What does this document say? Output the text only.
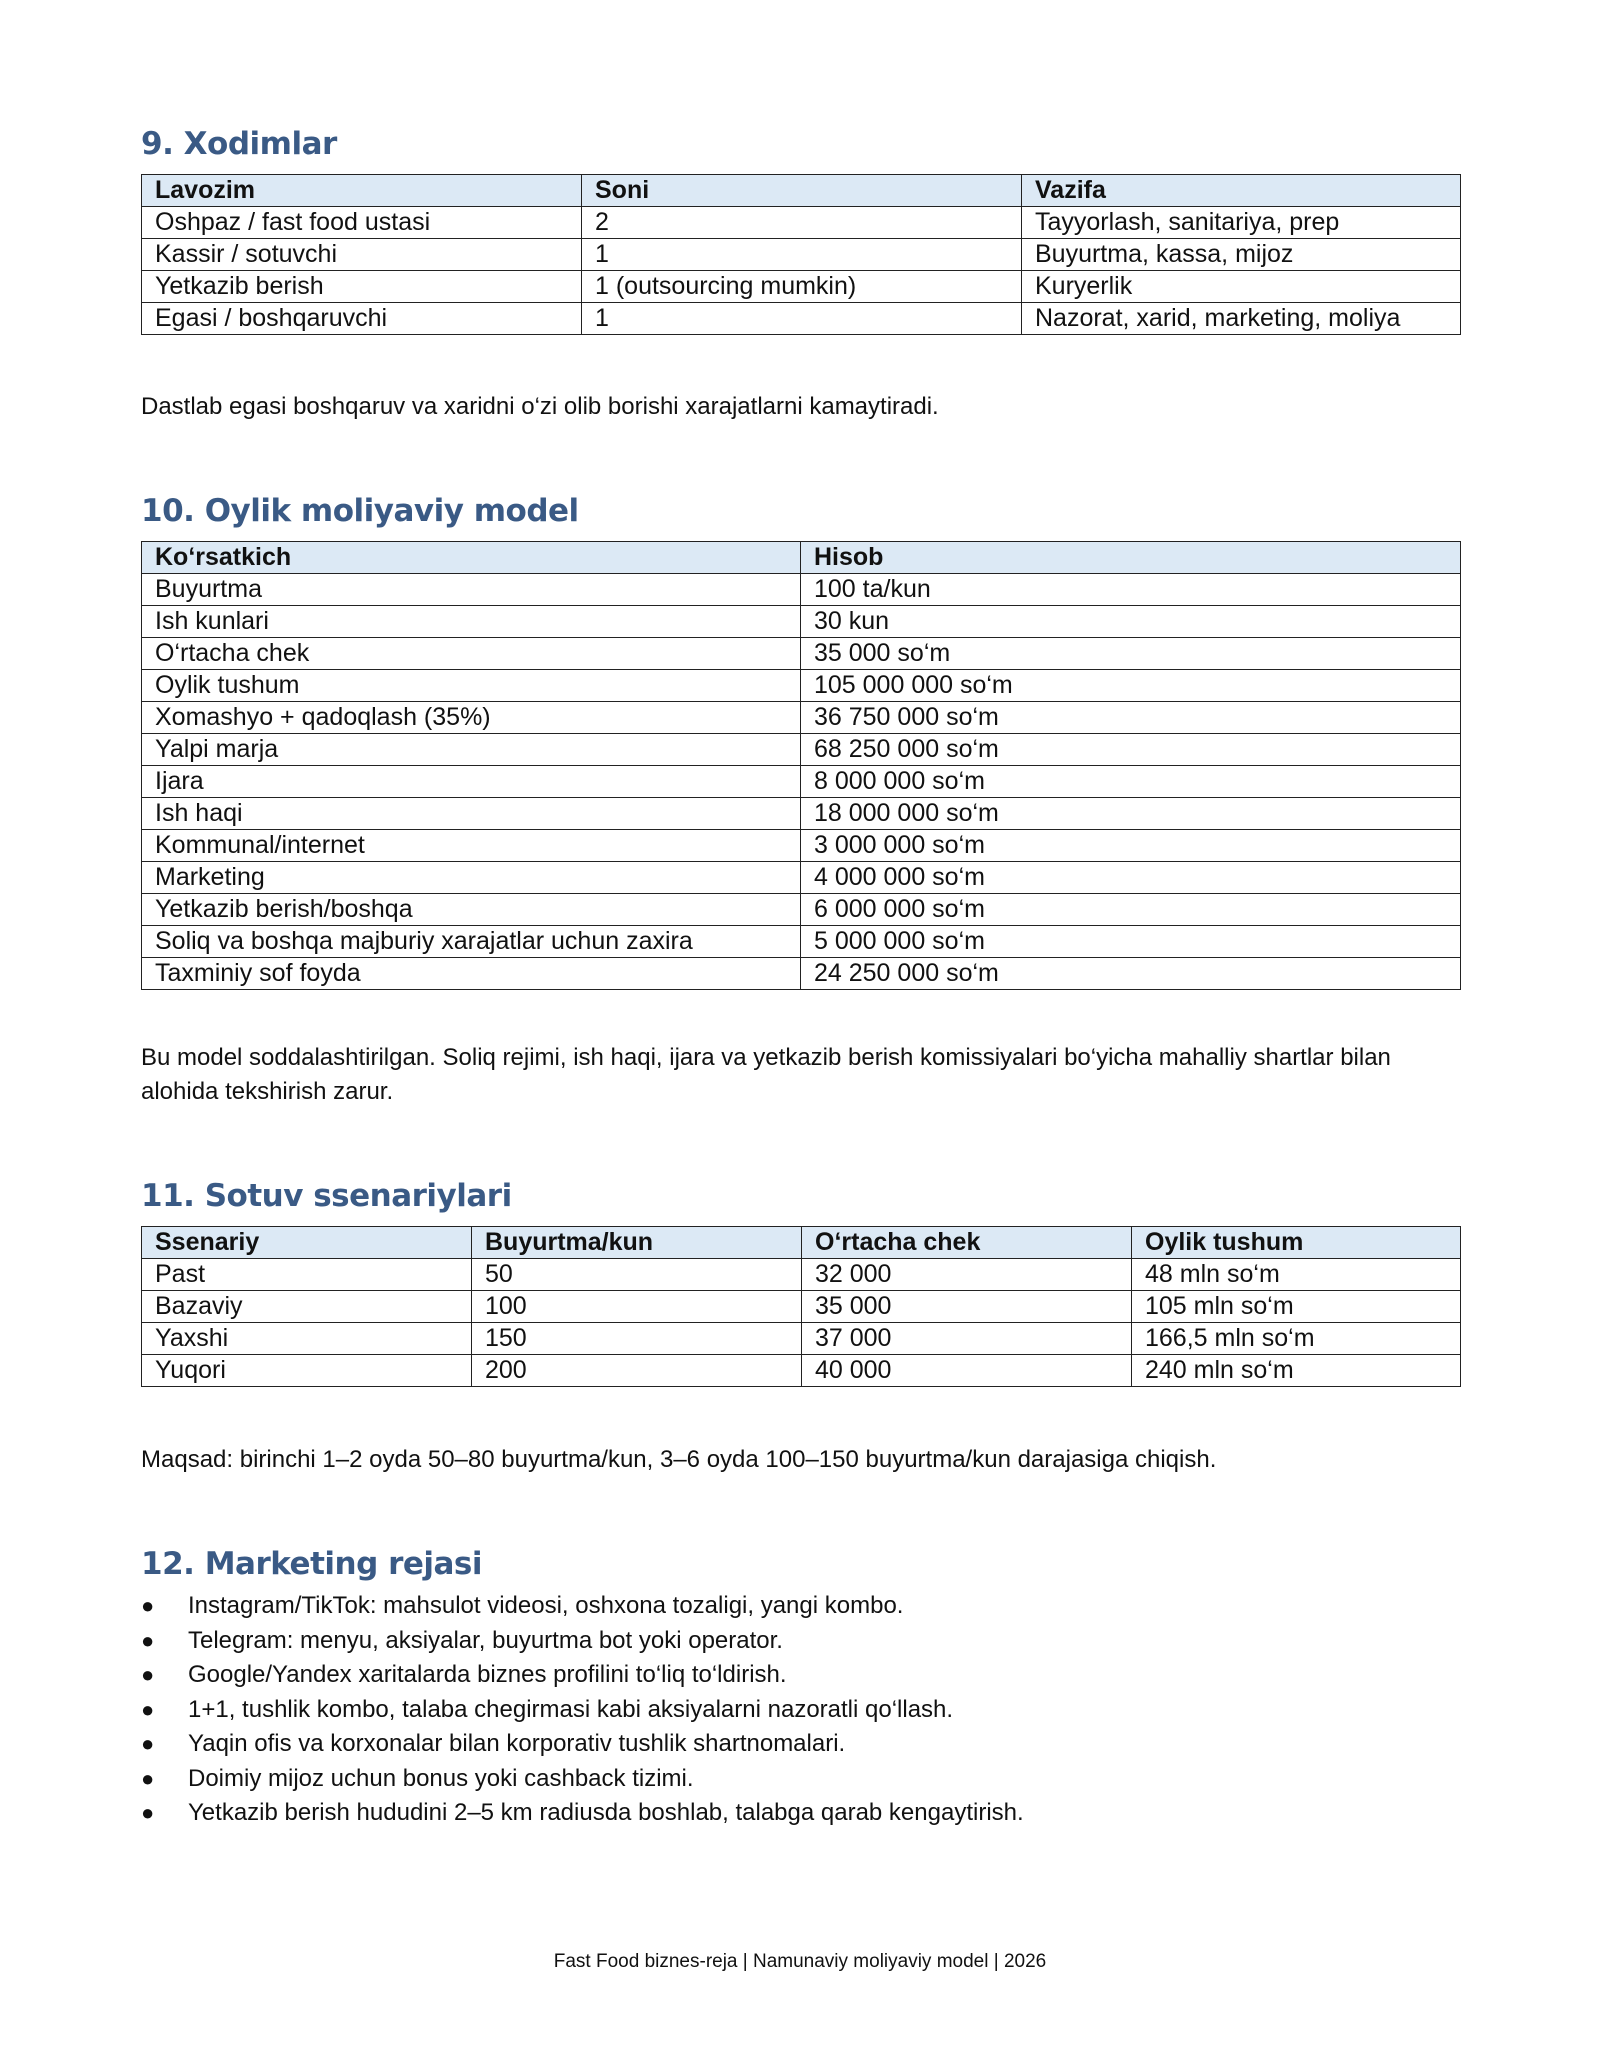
9. Xodimlar
Lavozim	Soni	Vazifa
Oshpaz / fast food ustasi	2	Tayyorlash, sanitariya, prep
Kassir / sotuvchi	1	Buyurtma, kassa, mijoz
Yetkazib berish	1 (outsourcing mumkin)	Kuryerlik
Egasi / boshqaruvchi	1	Nazorat, xarid, marketing, moliya

Dastlab egasi boshqaruv va xaridni o‘zi olib borishi xarajatlarni kamaytiradi.

10. Oylik moliyaviy model
Ko‘rsatkich	Hisob
Buyurtma	100 ta/kun
Ish kunlari	30 kun
O‘rtacha chek	35 000 so‘m
Oylik tushum	105 000 000 so‘m
Xomashyo + qadoqlash (35%)	36 750 000 so‘m
Yalpi marja	68 250 000 so‘m
Ijara	8 000 000 so‘m
Ish haqi	18 000 000 so‘m
Kommunal/internet	3 000 000 so‘m
Marketing	4 000 000 so‘m
Yetkazib berish/boshqa	6 000 000 so‘m
Soliq va boshqa majburiy xarajatlar uchun zaxira	5 000 000 so‘m
Taxminiy sof foyda	24 250 000 so‘m

Bu model soddalashtirilgan. Soliq rejimi, ish haqi, ijara va yetkazib berish komissiyalari bo‘yicha mahalliy shartlar bilan alohida tekshirish zarur.

11. Sotuv ssenariylari
Ssenariy	Buyurtma/kun	O‘rtacha chek	Oylik tushum
Past	50	32 000	48 mln so‘m
Bazaviy	100	35 000	105 mln so‘m
Yaxshi	150	37 000	166,5 mln so‘m
Yuqori	200	40 000	240 mln so‘m

Maqsad: birinchi 1–2 oyda 50–80 buyurtma/kun, 3–6 oyda 100–150 buyurtma/kun darajasiga chiqish.

12. Marketing rejasi
● Instagram/TikTok: mahsulot videosi, oshxona tozaligi, yangi kombo.
● Telegram: menyu, aksiyalar, buyurtma bot yoki operator.
● Google/Yandex xaritalarda biznes profilini to‘liq to‘ldirish.
● 1+1, tushlik kombo, talaba chegirmasi kabi aksiyalarni nazoratli qo‘llash.
● Yaqin ofis va korxonalar bilan korporativ tushlik shartnomalari.
● Doimiy mijoz uchun bonus yoki cashback tizimi.
● Yetkazib berish hududini 2–5 km radiusda boshlab, talabga qarab kengaytirish.
Fast Food biznes-reja | Namunaviy moliyaviy model | 2026
